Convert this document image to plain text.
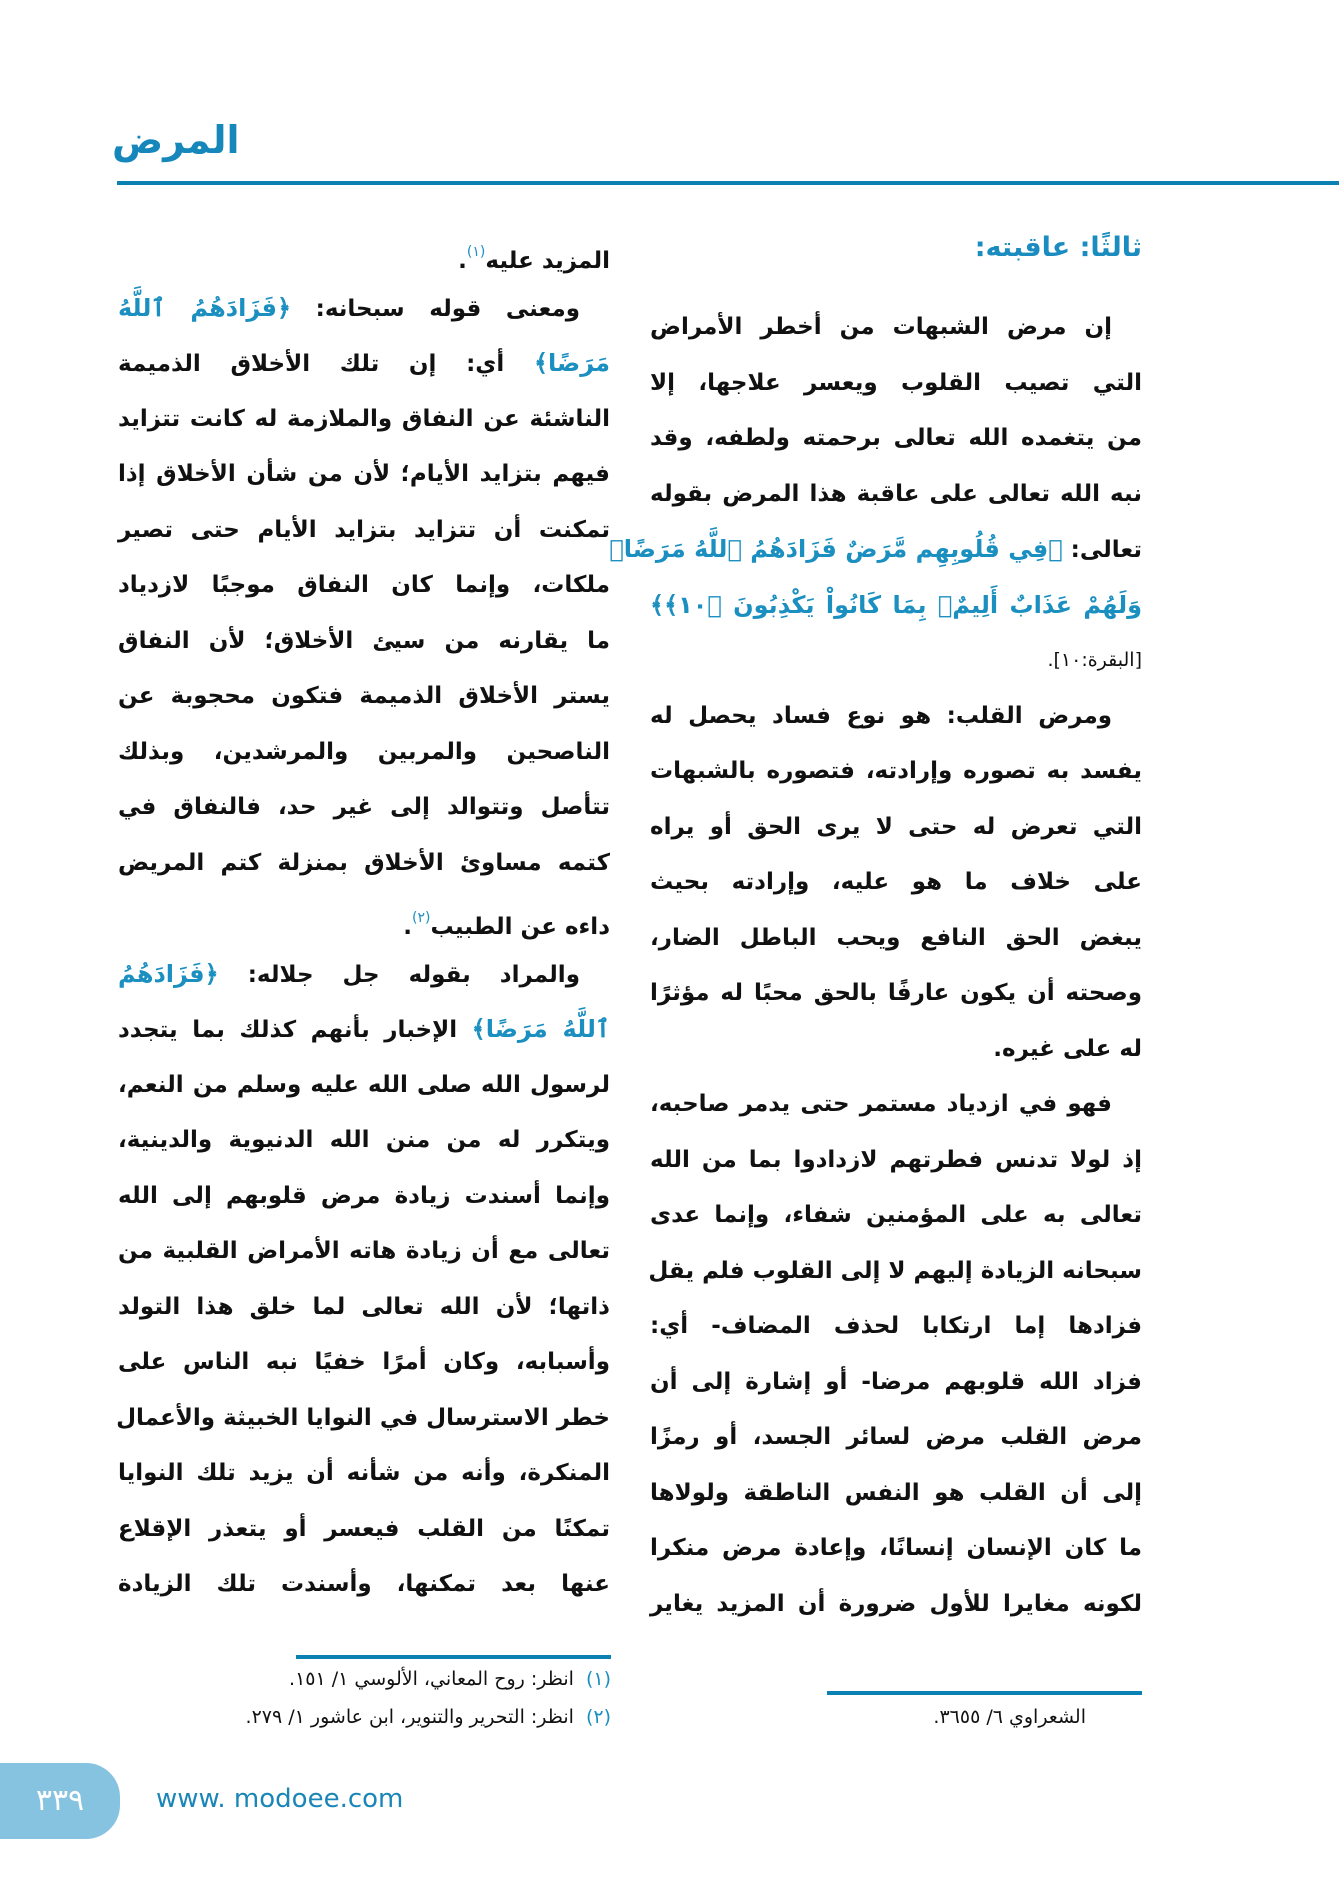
المرض
ثالثًا: عاقبته:
إن مرض الشبهات من أخطر الأمراض
التي تصيب القلوب ويعسر علاجها، إلا
من يتغمده الله تعالى برحمته ولطفه، وقد
نبه الله تعالى على عاقبة هذا المرض بقوله
تعالى: ﴿فِي قُلُوبِهِم مَّرَضٌ فَزَادَهُمُ ٱللَّهُ مَرَضًاۖ
وَلَهُمْ عَذَابٌ أَلِيمٌۢ بِمَا كَانُواْ يَكْذِبُونَ ﴿١٠﴾﴾
[البقرة:١٠].
ومرض القلب: هو نوع فساد يحصل له
يفسد به تصوره وإرادته، فتصوره بالشبهات
التي تعرض له حتى لا يرى الحق أو يراه
على خلاف ما هو عليه، وإرادته بحيث
يبغض الحق النافع ويحب الباطل الضار،
وصحته أن يكون عارفًا بالحق محبًا له مؤثرًا
له على غيره.
فهو في ازدياد مستمر حتى يدمر صاحبه،
إذ لولا تدنس فطرتهم لازدادوا بما من الله
تعالى به على المؤمنين شفاء، وإنما عدى
سبحانه الزيادة إليهم لا إلى القلوب فلم يقل
فزادها إما ارتكابا لحذف المضاف- أي:
فزاد الله قلوبهم مرضا- أو إشارة إلى أن
مرض القلب مرض لسائر الجسد، أو رمزًا
إلى أن القلب هو النفس الناطقة ولولاها
ما كان الإنسان إنسانًا، وإعادة مرض منكرا
لكونه مغايرا للأول ضرورة أن المزيد يغاير
المزيد عليه$^{(١)}$.
ومعنى قوله سبحانه: ﴿فَزَادَهُمُ ٱللَّهُ
مَرَضًا﴾ أي: إن تلك الأخلاق الذميمة
الناشئة عن النفاق والملازمة له كانت تتزايد
فيهم بتزايد الأيام؛ لأن من شأن الأخلاق إذا
تمكنت أن تتزايد بتزايد الأيام حتى تصير
ملكات، وإنما كان النفاق موجبًا لازدياد
ما يقارنه من سيئ الأخلاق؛ لأن النفاق
يستر الأخلاق الذميمة فتكون محجوبة عن
الناصحين والمربين والمرشدين، وبذلك
تتأصل وتتوالد إلى غير حد، فالنفاق في
كتمه مساوئ الأخلاق بمنزلة كتم المريض
داءه عن الطبيب$^{(٢)}$.
والمراد بقوله جل جلاله: ﴿فَزَادَهُمُ
ٱللَّهُ مَرَضًا﴾ الإخبار بأنهم كذلك بما يتجدد
لرسول الله صلى الله عليه وسلم من النعم،
ويتكرر له من منن الله الدنيوية والدينية،
وإنما أسندت زيادة مرض قلوبهم إلى الله
تعالى مع أن زيادة هاته الأمراض القلبية من
ذاتها؛ لأن الله تعالى لما خلق هذا التولد
وأسبابه، وكان أمرًا خفيًا نبه الناس على
خطر الاسترسال في النوايا الخبيثة والأعمال
المنكرة، وأنه من شأنه أن يزيد تلك النوايا
تمكنًا من القلب فيعسر أو يتعذر الإقلاع
عنها بعد تمكنها، وأسندت تلك الزيادة
(١)انظر: روح المعاني، الألوسي ١/ ١٥١.
(٢)انظر: التحرير والتنوير، ابن عاشور ١/ ٢٧٩.	الشعراوي ٦/ ٣٦٥٥.
٣٣٩	www. modoee.com
